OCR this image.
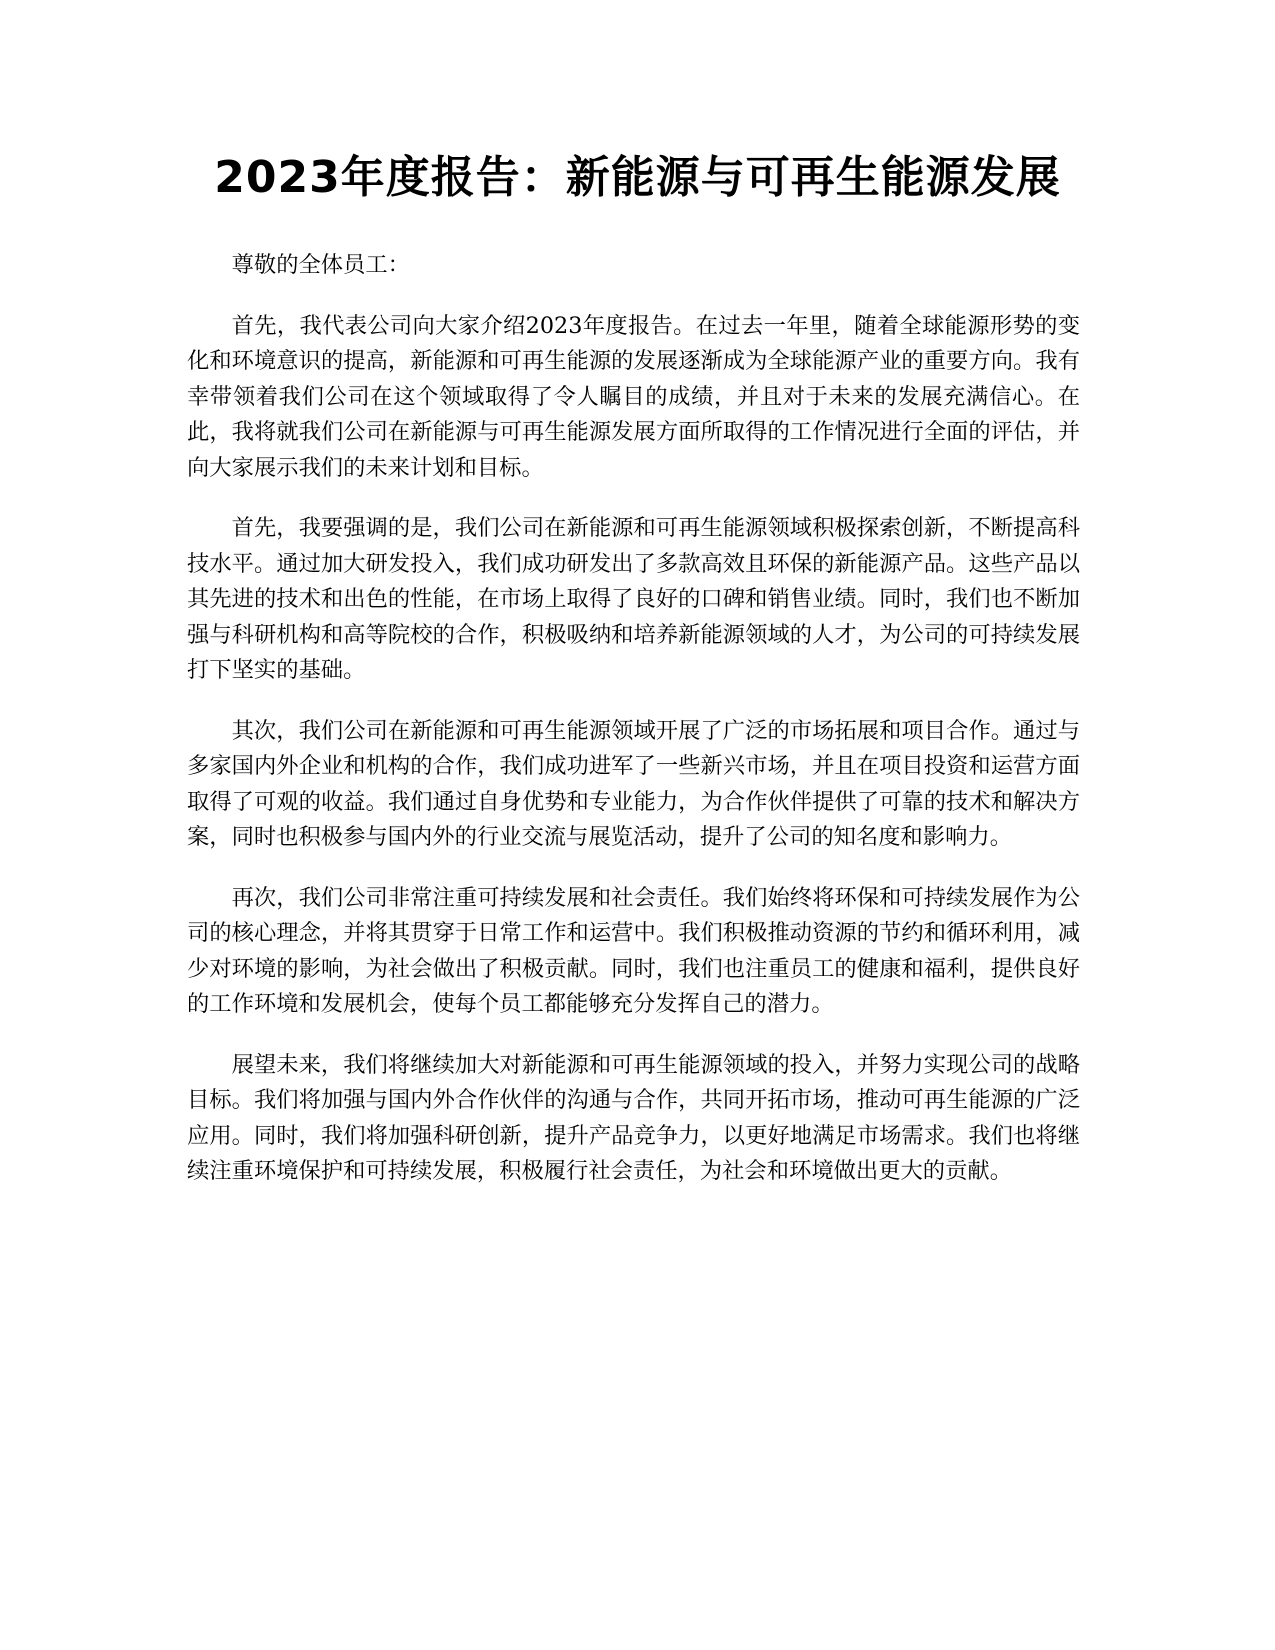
2023年度报告：新能源与可再生能源发展

尊敬的全体员工：

首先，我代表公司向大家介绍2023年度报告。在过去一年里，随着全球能源形势的变化和环境意识的提高，新能源和可再生能源的发展逐渐成为全球能源产业的重要方向。我有幸带领着我们公司在这个领域取得了令人瞩目的成绩，并且对于未来的发展充满信心。在此，我将就我们公司在新能源与可再生能源发展方面所取得的工作情况进行全面的评估，并向大家展示我们的未来计划和目标。

首先，我要强调的是，我们公司在新能源和可再生能源领域积极探索创新，不断提高科技水平。通过加大研发投入，我们成功研发出了多款高效且环保的新能源产品。这些产品以其先进的技术和出色的性能，在市场上取得了良好的口碑和销售业绩。同时，我们也不断加强与科研机构和高等院校的合作，积极吸纳和培养新能源领域的人才，为公司的可持续发展打下坚实的基础。

其次，我们公司在新能源和可再生能源领域开展了广泛的市场拓展和项目合作。通过与多家国内外企业和机构的合作，我们成功进军了一些新兴市场，并且在项目投资和运营方面取得了可观的收益。我们通过自身优势和专业能力，为合作伙伴提供了可靠的技术和解决方案，同时也积极参与国内外的行业交流与展览活动，提升了公司的知名度和影响力。

再次，我们公司非常注重可持续发展和社会责任。我们始终将环保和可持续发展作为公司的核心理念，并将其贯穿于日常工作和运营中。我们积极推动资源的节约和循环利用，减少对环境的影响，为社会做出了积极贡献。同时，我们也注重员工的健康和福利，提供良好的工作环境和发展机会，使每个员工都能够充分发挥自己的潜力。

展望未来，我们将继续加大对新能源和可再生能源领域的投入，并努力实现公司的战略目标。我们将加强与国内外合作伙伴的沟通与合作，共同开拓市场，推动可再生能源的广泛应用。同时，我们将加强科研创新，提升产品竞争力，以更好地满足市场需求。我们也将继续注重环境保护和可持续发展，积极履行社会责任，为社会和环境做出更大的贡献。
